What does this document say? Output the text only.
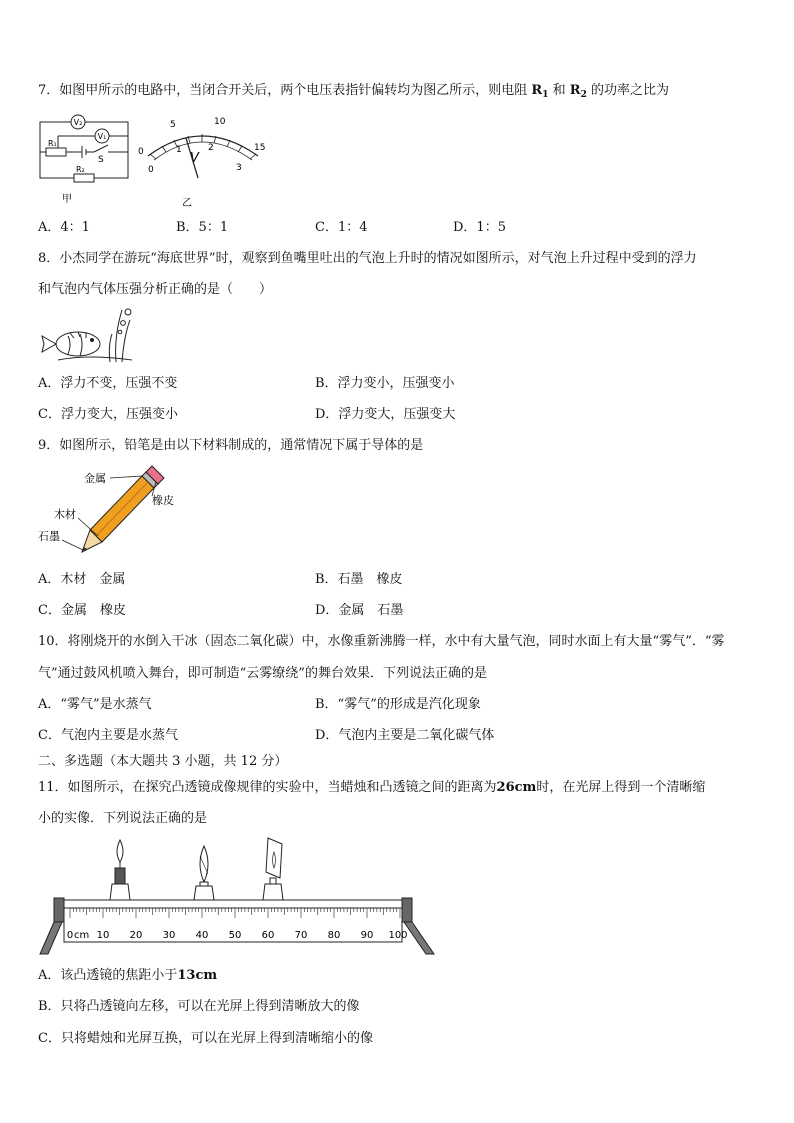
7．如图甲所示的电路中，当闭合开关后，两个电压表指针偏转均为图乙所示，则电阻 $R_1$ 和 $R_2$ 的功率之比为
V₂
V₁
R₁
S
R₂
甲
0
5	10
15
0
1	2
3
V
乙
A．4：1	B．5：1	C．1：4	D．1：5
8．小杰同学在游玩“海底世界”时，观察到鱼嘴里吐出的气泡上升时的情况如图所示，对气泡上升过程中受到的浮力
和气泡内气体压强分析正确的是（　　）
A．浮力不变，压强不变	B．浮力变小，压强变小
C．浮力变大，压强变小	D．浮力变大，压强变大
9．如图所示，铅笔是由以下材料制成的，通常情况下属于导体的是
金属
橡皮
木材
石墨
A．木材　金属	B．石墨　橡皮
C．金属　橡皮	D．金属　石墨
10．将刚烧开的水倒入干冰（固态二氧化碳）中，水像重新沸腾一样，水中有大量气泡，同时水面上有大量“雾气”．“雾
气”通过鼓风机喷入舞台，即可制造“云雾缭绕”的舞台效果．下列说法正确的是
A．“雾气”是水蒸气	B．“雾气”的形成是汽化现象
C．气泡内主要是水蒸气	D．气泡内主要是二氧化碳气体
二、多选题（本大题共 3 小题，共 12 分）
11．如图所示，在探究凸透镜成像规律的实验中，当蜡烛和凸透镜之间的距离为26cm时，在光屏上得到一个清晰缩
小的实像．下列说法正确的是
cm
0 10 20 30 40 50 60 70 80 90 100
A．该凸透镜的焦距小于13cm
B．只将凸透镜向左移，可以在光屏上得到清晰放大的像
C．只将蜡烛和光屏互换，可以在光屏上得到清晰缩小的像
